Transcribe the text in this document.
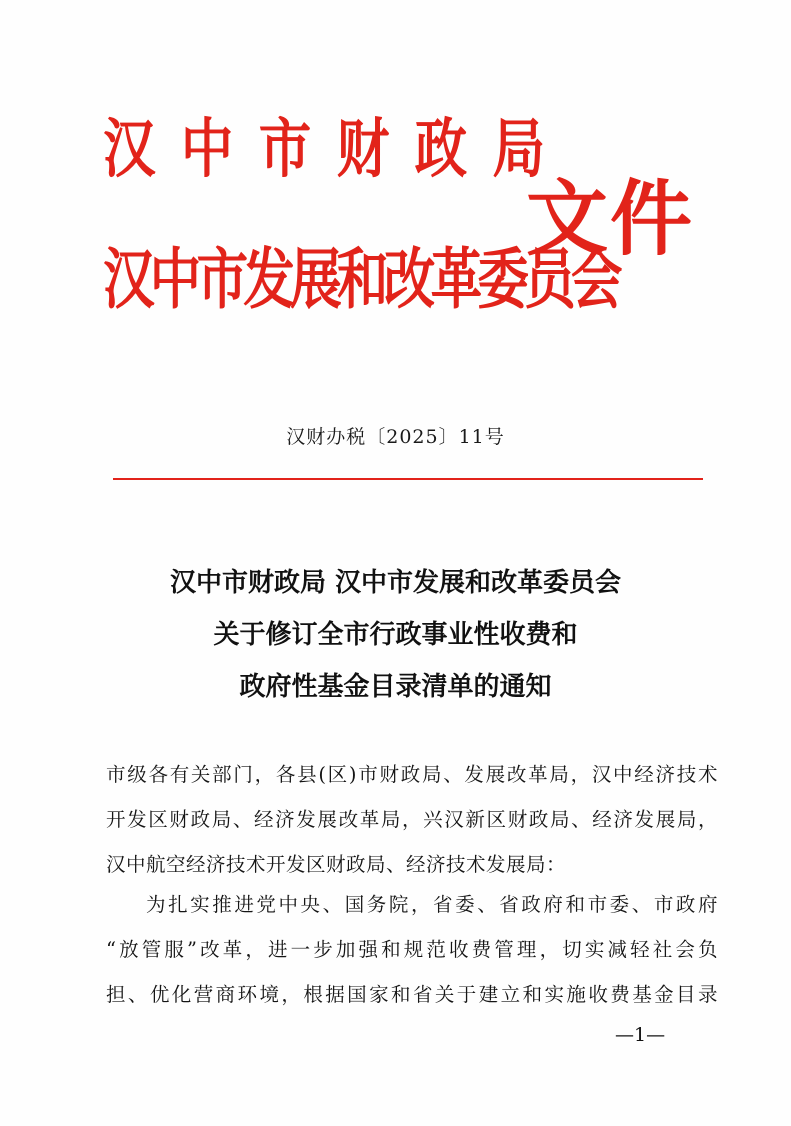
汉中市财政局
汉中市发展和改革委员会
文件
汉财办税〔2025〕11号
汉中市财政局 汉中市发展和改革委员会
关于修订全市行政事业性收费和
政府性基金目录清单的通知
市级各有关部门，各县(区)市财政局、发展改革局，汉中经济技术
开发区财政局、经济发展改革局，兴汉新区财政局、经济发展局，
汉中航空经济技术开发区财政局、经济技术发展局：
为扎实推进党中央、国务院，省委、省政府和市委、市政府
“放管服”改革，进一步加强和规范收费管理，切实减轻社会负
担、优化营商环境，根据国家和省关于建立和实施收费基金目录
—1—
